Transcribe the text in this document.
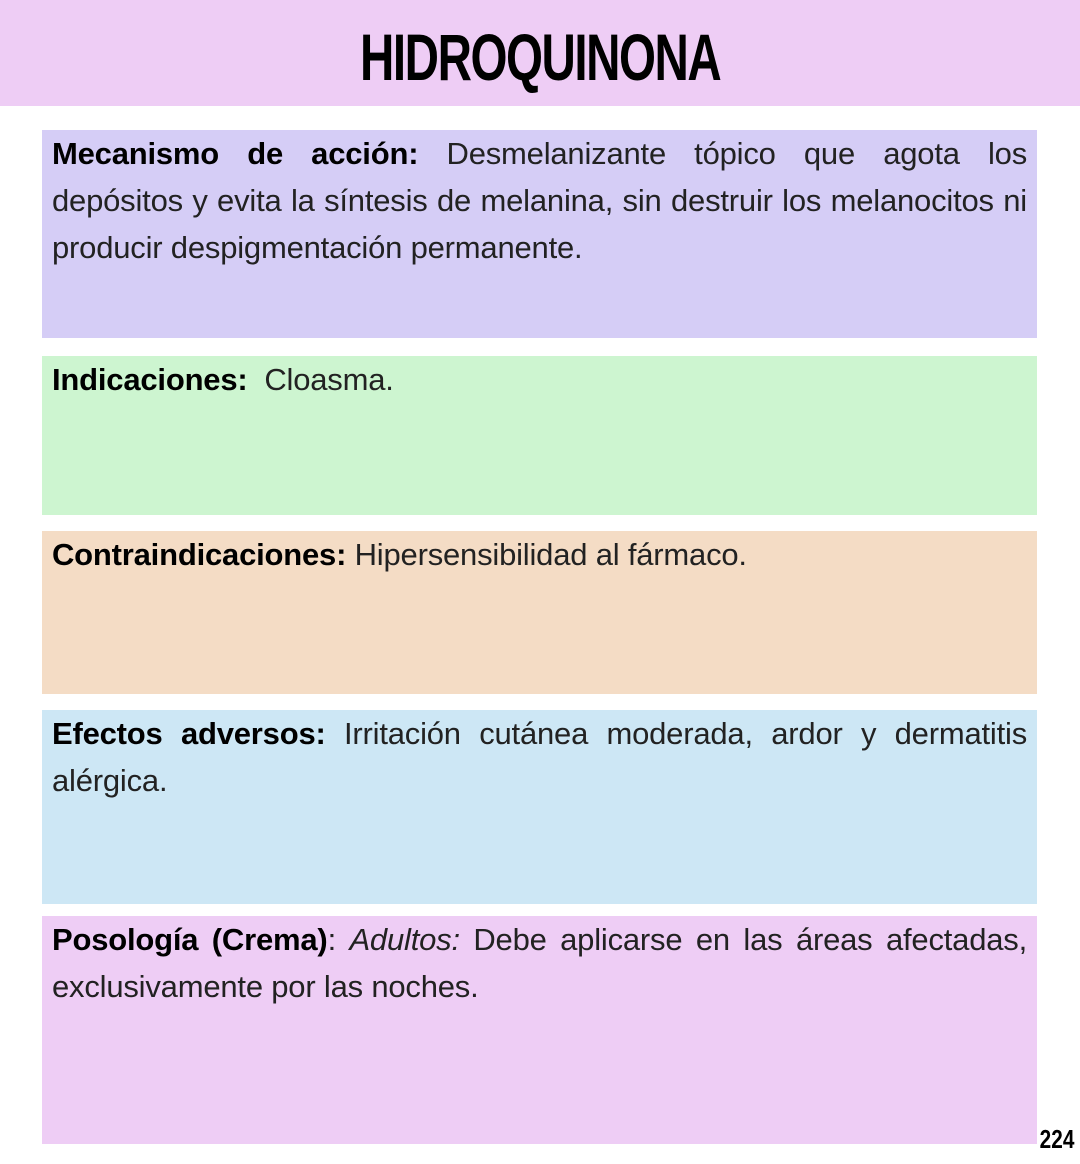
HIDROQUINONA
Mecanismo de acción: Desmelanizante tópico que agota los depósitos y evita la síntesis de melanina, sin destruir los melanocitos ni producir despigmentación permanente.
Indicaciones:  Cloasma.
Contraindicaciones: Hipersensibilidad al fármaco.
Efectos adversos: Irritación cutánea moderada, ardor y dermatitis alérgica.
Posología (Crema): Adultos: Debe aplicarse en las áreas afectadas, exclusivamente por las noches.
224
